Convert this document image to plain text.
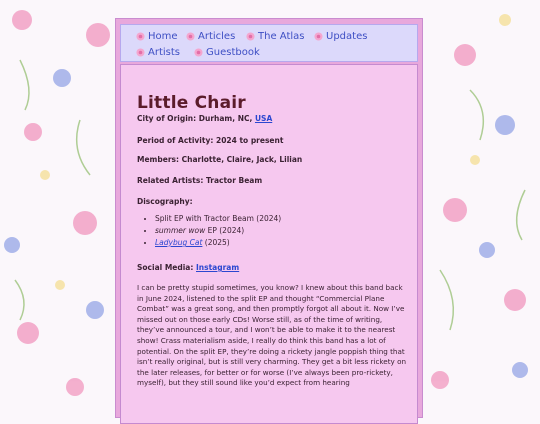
Home Articles The Atlas Updates
Artists	Guestbook
Little Chair
City of Origin: Durham, NC, USA
Period of Activity: 2024 to present
Members: Charlotte, Claire, Jack, Lilian
Related Artists: Tractor Beam
Discography:
• Split EP with Tractor Beam (2024)
• summer wow EP (2024)
• Ladybug Cat (2025)
Social Media: Instagram

I can be pretty stupid sometimes, you know? I knew about this band back in June 2024, listened to the split EP and thought “Commercial Plane Combat” was a great song, and then promptly forgot all about it. Now I’ve missed out on those early CDs! Worse still, as of the time of writing, they’ve announced a tour, and I won’t be able to make it to the nearest show! Crass materialism aside, I really do think this band has a lot of potential. On the split EP, they’re doing a rickety jangle poppish thing that isn’t really original, but is still very charming. They get a bit less rickety on the later releases, for better or for worse (I’ve always been pro-rickety, myself), but they still sound like you’d expect from hearing
